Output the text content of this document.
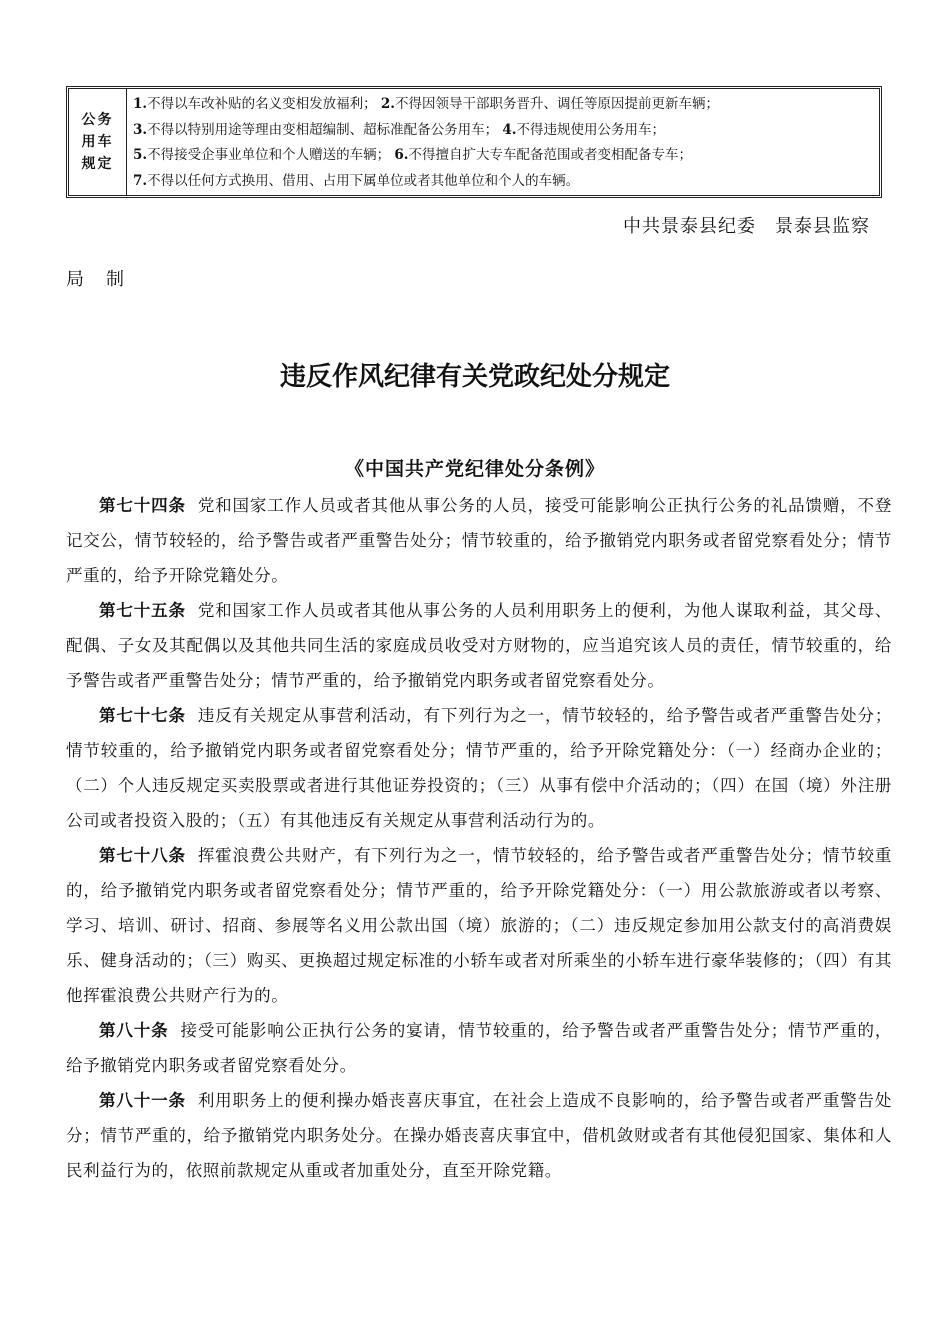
公务用车规定
1.不得以车改补贴的名义变相发放福利； 2.不得因领导干部职务晋升、调任等原因提前更新车辆；
3.不得以特别用途等理由变相超编制、超标准配备公务用车； 4.不得违规使用公务用车；
5.不得接受企事业单位和个人赠送的车辆； 6.不得擅自扩大专车配备范围或者变相配备专车；
7.不得以任何方式换用、借用、占用下属单位或者其他单位和个人的车辆。
中共景泰县纪委　景泰县监察
局制
违反作风纪律有关党政纪处分规定
《中国共产党纪律处分条例》

第七十四条 党和国家工作人员或者其他从事公务的人员，接受可能影响公正执行公务的礼品馈赠，不登记交公，情节较轻的，给予警告或者严重警告处分；情节较重的，给予撤销党内职务或者留党察看处分；情节严重的，给予开除党籍处分。

第七十五条 党和国家工作人员或者其他从事公务的人员利用职务上的便利，为他人谋取利益，其父母、配偶、子女及其配偶以及其他共同生活的家庭成员收受对方财物的，应当追究该人员的责任，情节较重的，给予警告或者严重警告处分；情节严重的，给予撤销党内职务或者留党察看处分。

第七十七条 违反有关规定从事营利活动，有下列行为之一，情节较轻的，给予警告或者严重警告处分；情节较重的，给予撤销党内职务或者留党察看处分；情节严重的，给予开除党籍处分：（一）经商办企业的；（二）个人违反规定买卖股票或者进行其他证券投资的；（三）从事有偿中介活动的；（四）在国（境）外注册公司或者投资入股的；（五）有其他违反有关规定从事营利活动行为的。

第七十八条 挥霍浪费公共财产，有下列行为之一，情节较轻的，给予警告或者严重警告处分；情节较重的，给予撤销党内职务或者留党察看处分；情节严重的，给予开除党籍处分：（一）用公款旅游或者以考察、学习、培训、研讨、招商、参展等名义用公款出国（境）旅游的；（二）违反规定参加用公款支付的高消费娱乐、健身活动的；（三）购买、更换超过规定标准的小轿车或者对所乘坐的小轿车进行豪华装修的；（四）有其他挥霍浪费公共财产行为的。

第八十条 接受可能影响公正执行公务的宴请，情节较重的，给予警告或者严重警告处分；情节严重的，给予撤销党内职务或者留党察看处分。

第八十一条 利用职务上的便利操办婚丧喜庆事宜，在社会上造成不良影响的，给予警告或者严重警告处分；情节严重的，给予撤销党内职务处分。在操办婚丧喜庆事宜中，借机敛财或者有其他侵犯国家、集体和人民利益行为的，依照前款规定从重或者加重处分，直至开除党籍。
